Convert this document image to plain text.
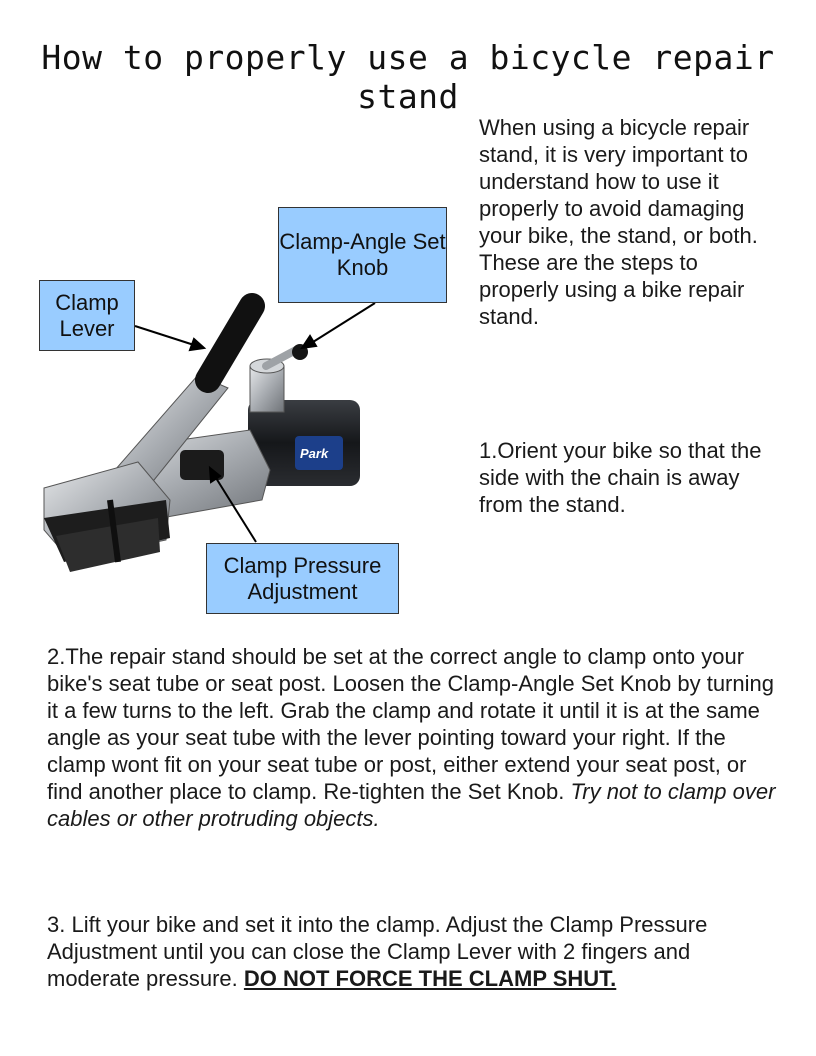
How to properly use a bicycle repair stand

When using a bicycle repair stand, it is very important to understand how to use it properly to avoid damaging your bike, the stand, or both. These are the steps to properly using a bike repair stand.

Park
Clamp Lever
Clamp-Angle Set Knob
Clamp Pressure Adjustment

1.Orient your bike so that the side with the chain is away from the stand.

2.The repair stand should be set at the correct angle to clamp onto your bike's seat tube or seat post. Loosen the Clamp-Angle Set Knob by turning it a few turns to the left. Grab the clamp and rotate it until it is at the same angle as your seat tube with the lever pointing toward your right. If the clamp wont fit on your seat tube or post, either extend your seat post, or find another place to clamp. Re-tighten the Set Knob. Try not to clamp over cables or other protruding objects.

3. Lift your bike and set it into the clamp. Adjust the Clamp Pressure Adjustment until you can close the Clamp Lever with 2 fingers and moderate pressure. DO NOT FORCE THE CLAMP SHUT.
